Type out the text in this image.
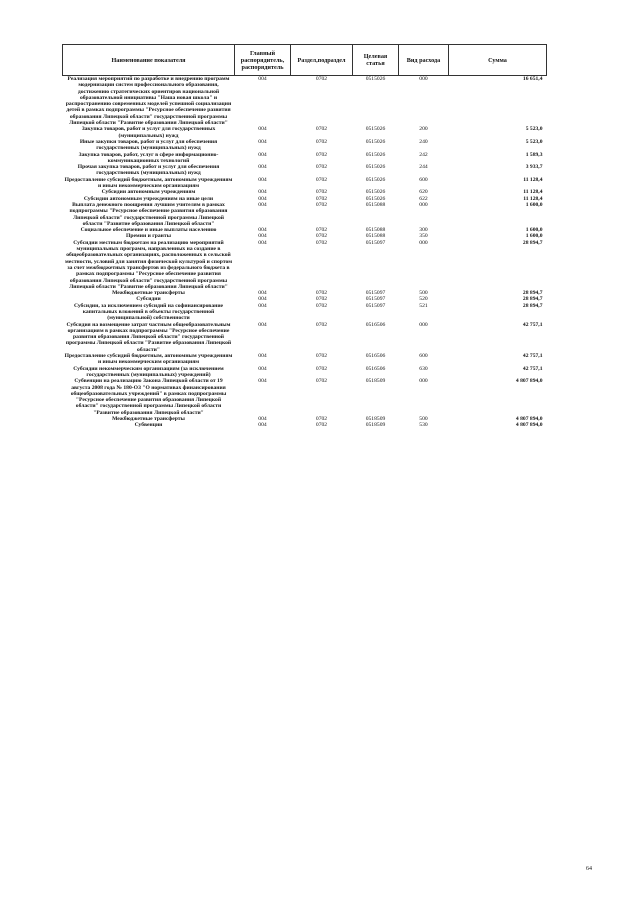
Наименование показателя	Главный распорядитель, распорядитель	Раздел,подраздел	Целевая статья	Вид расхода	Сумма
Реализация мероприятий по разработке и внедрению программ модернизации систем профессионального образования, достижению стратегических ориентиров национальной образовательной инициативы "Наша новая школа" и распространению современных моделей успешной социализации детей в рамках подпрограммы "Ресурсное обеспечение развития образования Липецкой области" государственной программы Липецкой области "Развитие образования Липецкой области"	004	0702	0515026	000	16 651,4
Закупка товаров, работ и услуг для государственных (муниципальных) нужд	004	0702	0515026	200	5 523,0
Иные закупки товаров, работ и услуг для обеспечения государственных (муниципальных) нужд	004	0702	0515026	240	5 523,0
Закупка товаров, работ, услуг в сфере информационно-коммуникационных технологий	004	0702	0515026	242	1 589,3
Прочая закупка товаров, работ и услуг для обеспечения государственных (муниципальных) нужд	004	0702	0515026	244	3 933,7
Предоставление субсидий бюджетным, автономным учреждениям и иным некоммерческим организациям	004	0702	0515026	600	11 128,4
Субсидии автономным учреждениям	004	0702	0515026	620	11 128,4
Субсидии автономным учреждениям на иные цели	004	0702	0515026	622	11 128,4
Выплата денежного поощрения лучшим учителям в рамках подпрограммы "Ресурсное обеспечение развития образования Липецкой области" государственной программы Липецкой области "Развитие образования Липецкой области"	004	0702	0515088	000	1 600,0
Социальное обеспечение и иные выплаты населению	004	0702	0515088	300	1 600,0
Премии и гранты	004	0702	0515088	350	1 600,0
Субсидии местным бюджетам на реализацию мероприятий муниципальных программ, направленных на создание в общеобразовательных организациях, расположенных в сельской местности, условий для занятия физической культурой и спортом за счет межбюджетных трансфертов из федерального бюджета в рамках подпрограммы "Ресурсное обеспечение развития образования Липецкой области" государственной программы Липецкой области "Развитие образования Липецкой области"	004	0702	0515097	000	28 894,7
Межбюджетные трансферты	004	0702	0515097	500	28 894,7
Субсидии	004	0702	0515097	520	28 894,7
Субсидии, за исключением субсидий на софинансирование капитальных вложений в объекты государственной (муниципальной) собственности	004	0702	0515097	521	28 894,7
Субсидия на возмещение затрат частным общеобразовательным организациям в рамках подпрограммы "Ресурсное обеспечение развития образования Липецкой области" государственной программы Липецкой области "Развитие образования Липецкой области"	004	0702	0516506	000	42 757,1
Предоставление субсидий бюджетным, автономным учреждениям и иным некоммерческим организациям	004	0702	0516506	600	42 757,1
Субсидии некоммерческим организациям (за исключением государственных (муниципальных) учреждений)	004	0702	0516506	630	42 757,1
Субвенции на реализацию Закона Липецкой области от 19 августа 2008 года № 180-ОЗ "О нормативах финансирования общеобразовательных учреждений" в рамках подпрограммы "Ресурсное обеспечение развития образования Липецкой области" государственной программы Липецкой области "Развитие образования Липецкой области"	004	0702	0518509	000	4 807 894,0
Межбюджетные трансферты	004	0702	0518509	500	4 807 894,0
Субвенции	004	0702	0518509	530	4 807 894,0
64
